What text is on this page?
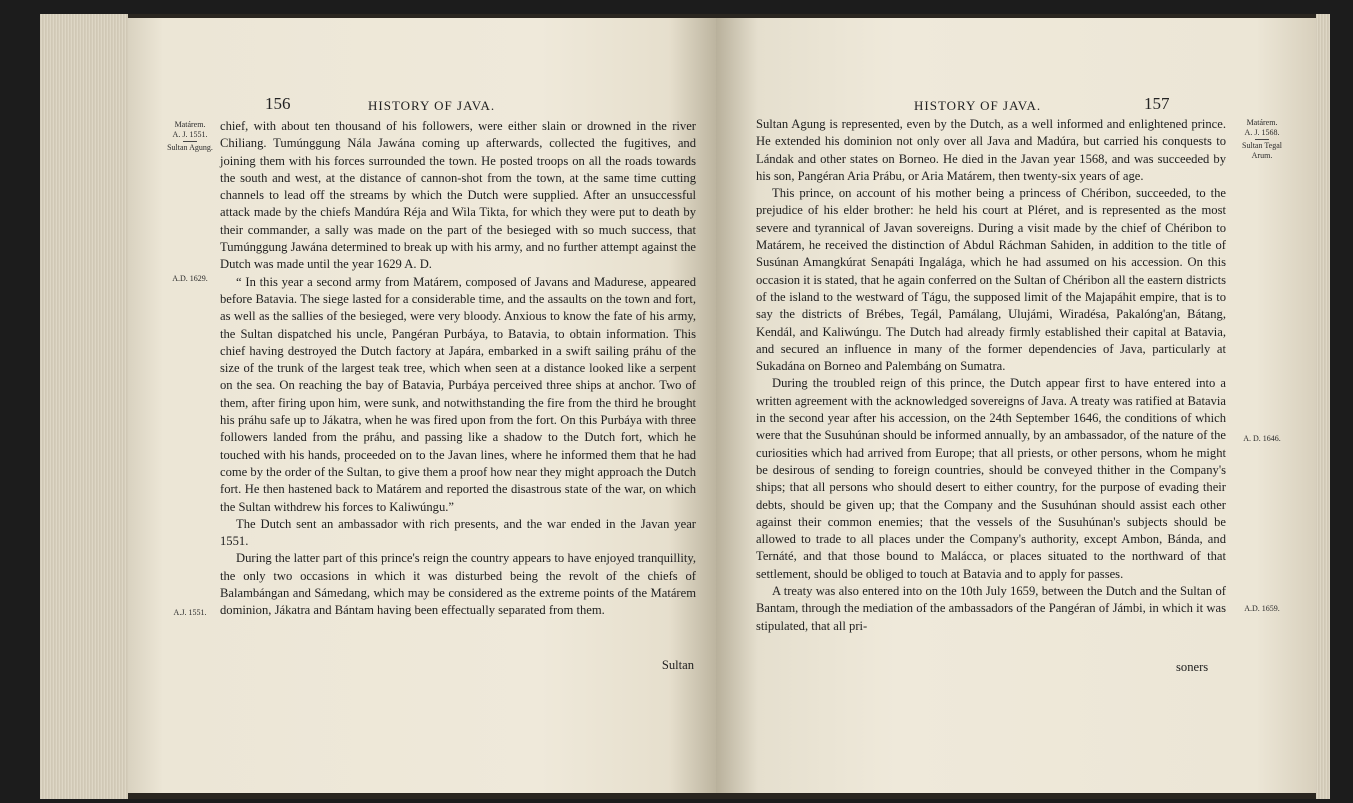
156	HISTORY OF JAVA.
Matárem.
A. J. 1551.
Sultan Agung.
A.D. 1629.
A.J. 1551.

chief, with about ten thousand of his followers, were either slain or drowned in the river Chiliang. Tumúnggung Nála Jawána coming up afterwards, collected the fugitives, and joining them with his forces surrounded the town. He posted troops on all the roads towards the south and west, at the distance of cannon-shot from the town, at the same time cutting channels to lead off the streams by which the Dutch were supplied. After an unsuccessful attack made by the chiefs Mandúra Réja and Wila Tikta, for which they were put to death by their commander, a sally was made on the part of the besieged with so much success, that Tumúnggung Jawána determined to break up with his army, and no further attempt against the Dutch was made until the year 1629 A. D.

“ In this year a second army from Matárem, composed of Javans and Madurese, appeared before Batavia. The siege lasted for a considerable time, and the assaults on the town and fort, as well as the sallies of the besieged, were very bloody. Anxious to know the fate of his army, the Sultan dispatched his uncle, Pangéran Purbáya, to Batavia, to obtain information. This chief having destroyed the Dutch factory at Japára, embarked in a swift sailing práhu of the size of the trunk of the largest teak tree, which when seen at a distance looked like a serpent on the sea. On reaching the bay of Batavia, Purbáya perceived three ships at anchor. Two of them, after firing upon him, were sunk, and notwithstanding the fire from the third he brought his práhu safe up to Jákatra, when he was fired upon from the fort. On this Purbáya with three followers landed from the práhu, and passing like a shadow to the Dutch fort, which he touched with his hands, proceeded on to the Javan lines, where he informed them that he had come by the order of the Sultan, to give them a proof how near they might approach the Dutch fort. He then hastened back to Matárem and reported the disastrous state of the war, on which the Sultan withdrew his forces to Kaliwúngu.”

The Dutch sent an ambassador with rich presents, and the war ended in the Javan year 1551.

During the latter part of this prince's reign the country appears to have enjoyed tranquillity, the only two occasions in which it was disturbed being the revolt of the chiefs of Balambángan and Sámedang, which may be considered as the extreme points of the Matárem dominion, Jákatra and Bántam having been effectually separated from them.

Sultan
HISTORY OF JAVA.	157

Sultan Agung is represented, even by the Dutch, as a well informed and enlightened prince. He extended his dominion not only over all Java and Madúra, but carried his conquests to Lándak and other states on Borneo. He died in the Javan year 1568, and was succeeded by his son, Pangéran Aria Prábu, or Aria Matárem, then twenty-six years of age.

This prince, on account of his mother being a princess of Chéribon, succeeded, to the prejudice of his elder brother: he held his court at Pléret, and is represented as the most severe and tyrannical of Javan sovereigns. During a visit made by the chief of Chéribon to Matárem, he received the distinction of Abdul Ráchman Sahiden, in addition to the title of Susúnan Amangkúrat Senapáti Ingalága, which he had assumed on his accession. On this occasion it is stated, that he again conferred on the Sultan of Chéribon all the eastern districts of the island to the westward of Tágu, the supposed limit of the Majapáhit empire, that is to say the districts of Brébes, Tegál, Pamálang, Ulujámi, Wiradésa, Pakalóng'an, Bátang, Kendál, and Kaliwúngu. The Dutch had already firmly established their capital at Batavia, and secured an influence in many of the former dependencies of Java, particularly at Sukadána on Borneo and Palembáng on Sumatra.

During the troubled reign of this prince, the Dutch appear first to have entered into a written agreement with the acknowledged sovereigns of Java. A treaty was ratified at Batavia in the second year after his accession, on the 24th September 1646, the conditions of which were that the Susuhúnan should be informed annually, by an ambassador, of the nature of the curiosities which had arrived from Europe; that all priests, or other persons, whom he might be desirous of sending to foreign countries, should be conveyed thither in the Company's ships; that all persons who should desert to either country, for the purpose of evading their debts, should be given up; that the Company and the Susuhúnan should assist each other against their common enemies; that the vessels of the Susuhúnan's subjects should be allowed to trade to all places under the Company's authority, except Ambon, Bánda, and Ternáté, and that those bound to Malácca, or places situated to the northward of that settlement, should be obliged to touch at Batavia and to apply for passes.

A treaty was also entered into on the 10th July 1659, between the Dutch and the Sultan of Bantam, through the mediation of the ambassadors of the Pangéran of Jámbi, in which it was stipulated, that all pri-

soners
Matárem.
A. J. 1568.
Sultan Tegal
Arum.
A. D. 1646.
A.D. 1659.
